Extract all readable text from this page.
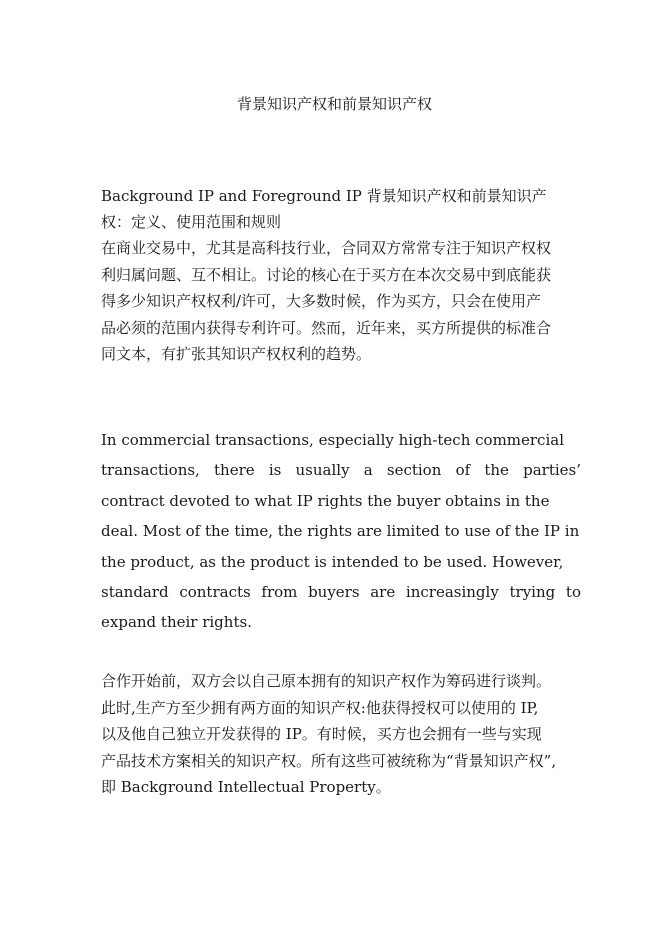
背景知识产权和前景知识产权
Background IP and Foreground IP 背景知识产权和前景知识产
权：定义、使用范围和规则
在商业交易中，尤其是高科技行业，合同双方常常专注于知识产权权
利归属问题、互不相让。讨论的核心在于买方在本次交易中到底能获
得多少知识产权权利/许可，大多数时候，作为买方，只会在使用产
品必须的范围内获得专利许可。然而，近年来，买方所提供的标准合
同文本，有扩张其知识产权权利的趋势。
In commercial transactions, especially high-tech commercial
transactions, there is usually a section of the parties’
contract devoted to what IP rights the buyer obtains in the
deal. Most of the time, the rights are limited to use of the IP in
the product, as the product is intended to be used. However,
standard contracts from buyers are increasingly trying to
expand their rights.
合作开始前，双方会以自己原本拥有的知识产权作为筹码进行谈判。
此时,生产方至少拥有两方面的知识产权:他获得授权可以使用的 IP,
以及他自己独立开发获得的 IP。有时候，买方也会拥有一些与实现
产品技术方案相关的知识产权。所有这些可被统称为“背景知识产权”,
即 Background Intellectual Property。
